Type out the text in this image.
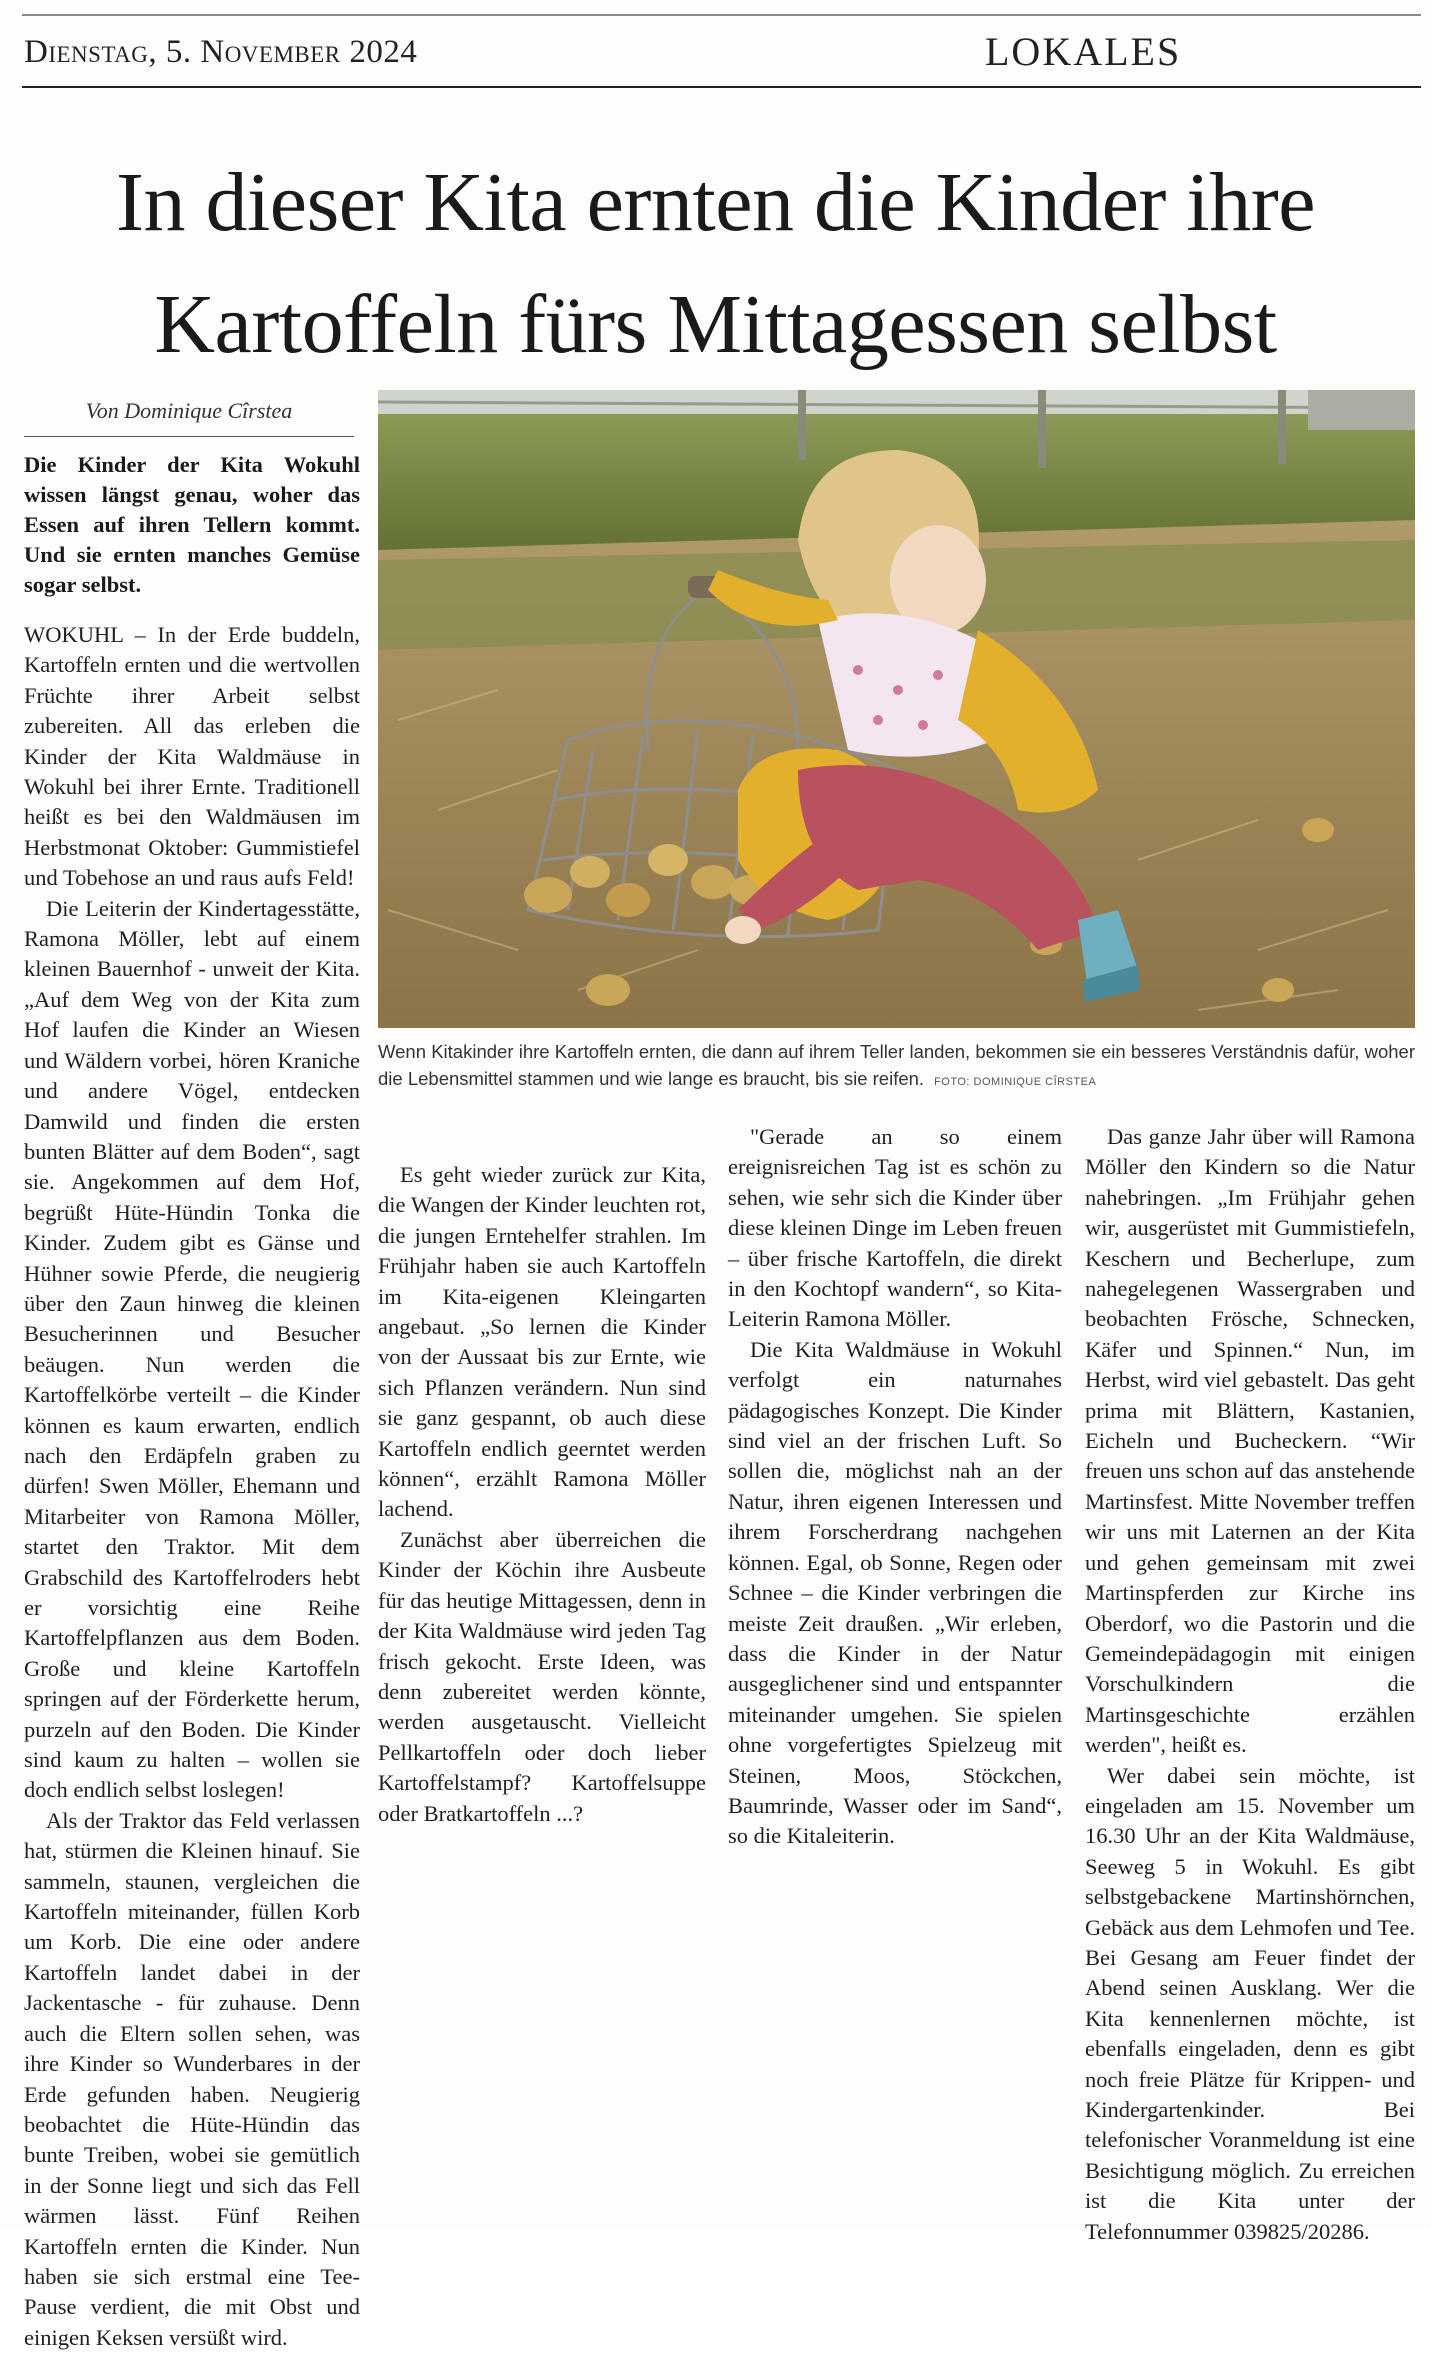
Dienstag, 5. November 2024	LOKALES
In dieser Kita ernten die Kinder ihre
Kartoffeln fürs Mittagessen selbst
Von Dominique Cîrstea
Die Kinder der Kita Wokuhl wissen längst genau, woher das Essen auf ihren Tellern kommt. Und sie ernten manches Gemüse sogar selbst.
Wenn Kitakinder ihre Kartoffeln ernten, die dann auf ihrem Teller landen, bekommen sie ein besseres Verständnis dafür, woher die Lebensmittel stammen und wie lange es braucht, bis sie reifen. FOTO: DOMINIQUE CÎRSTEA

WOKUHL – In der Erde buddeln, Kartoffeln ernten und die wertvollen Früchte ihrer Arbeit selbst zubereiten. All das erleben die Kinder der Kita Waldmäuse in Wokuhl bei ihrer Ernte. Traditionell heißt es bei den Waldmäusen im Herbstmonat Oktober: Gummistiefel und Tobehose an und raus aufs Feld!

Die Leiterin der Kindertagesstätte, Ramona Möller, lebt auf einem kleinen Bauernhof - unweit der Kita. „Auf dem Weg von der Kita zum Hof laufen die Kinder an Wiesen und Wäldern vorbei, hören Kraniche und andere Vögel, entdecken Damwild und finden die ersten bunten Blätter auf dem Boden“, sagt sie. Angekommen auf dem Hof, begrüßt Hüte-Hündin Tonka die Kinder. Zudem gibt es Gänse und Hühner sowie Pferde, die neugierig über den Zaun hinweg die kleinen Besucherinnen und Besucher beäugen. Nun werden die Kartoffelkörbe verteilt – die Kinder können es kaum erwarten, endlich nach den Erdäpfeln graben zu dürfen! Swen Möller, Ehemann und Mitarbeiter von Ramona Möller, startet den Traktor. Mit dem Grabschild des Kartoffelroders hebt er vorsichtig eine Reihe Kartoffelpflanzen aus dem Boden. Große und kleine Kartoffeln springen auf der Förderkette herum, purzeln auf den Boden. Die Kinder sind kaum zu halten – wollen sie doch endlich selbst loslegen!

Als der Traktor das Feld verlassen hat, stürmen die Kleinen hinauf. Sie sammeln, staunen, vergleichen die Kartoffeln miteinander, füllen Korb um Korb. Die eine oder andere Kartoffeln landet dabei in der Jackentasche - für zuhause. Denn auch die Eltern sollen sehen, was ihre Kinder so Wunderbares in der Erde gefunden haben. Neugierig beobachtet die Hüte-Hündin das bunte Treiben, wobei sie gemütlich in der Sonne liegt und sich das Fell wärmen lässt. Fünf Reihen Kartoffeln ernten die Kinder. Nun haben sie sich erstmal eine Tee-Pause verdient, die mit Obst und einigen Keksen versüßt wird.

Es geht wieder zurück zur Kita, die Wangen der Kinder leuchten rot, die jungen Erntehelfer strahlen. Im Frühjahr haben sie auch Kartoffeln im Kita-eigenen Kleingarten angebaut. „So lernen die Kinder von der Aussaat bis zur Ernte, wie sich Pflanzen verändern. Nun sind sie ganz gespannt, ob auch diese Kartoffeln endlich geerntet werden können“, erzählt Ramona Möller lachend.

Zunächst aber überreichen die Kinder der Köchin ihre Ausbeute für das heutige Mittagessen, denn in der Kita Waldmäuse wird jeden Tag frisch gekocht. Erste Ideen, was denn zubereitet werden könnte, werden ausgetauscht. Vielleicht Pellkartoffeln oder doch lieber Kartoffelstampf? Kartoffelsuppe oder Bratkartoffeln ...?

"Gerade an so einem ereignisreichen Tag ist es schön zu sehen, wie sehr sich die Kinder über diese kleinen Dinge im Leben freuen – über frische Kartoffeln, die direkt in den Kochtopf wandern“, so Kita-Leiterin Ramona Möller.

Die Kita Waldmäuse in Wokuhl verfolgt ein naturnahes pädagogisches Konzept. Die Kinder sind viel an der frischen Luft. So sollen die, möglichst nah an der Natur, ihren eigenen Interessen und ihrem Forscherdrang nachgehen können. Egal, ob Sonne, Regen oder Schnee – die Kinder verbringen die meiste Zeit draußen. „Wir erleben, dass die Kinder in der Natur ausgeglichener sind und entspannter miteinander umgehen. Sie spielen ohne vorgefertigtes Spielzeug mit Steinen, Moos, Stöckchen, Baumrinde, Wasser oder im Sand“, so die Kitaleiterin.

Das ganze Jahr über will Ramona Möller den Kindern so die Natur nahebringen. „Im Frühjahr gehen wir, ausgerüstet mit Gummistiefeln, Keschern und Becherlupe, zum nahegelegenen Wassergraben und beobachten Frösche, Schnecken, Käfer und Spinnen.“ Nun, im Herbst, wird viel gebastelt. Das geht prima mit Blättern, Kastanien, Eicheln und Bucheckern. “Wir freuen uns schon auf das anstehende Martinsfest. Mitte November treffen wir uns mit Laternen an der Kita und gehen gemeinsam mit zwei Martinspferden zur Kirche ins Oberdorf, wo die Pastorin und die Gemeindepädagogin mit einigen Vorschulkindern die Martinsgeschichte erzählen werden", heißt es.

Wer dabei sein möchte, ist eingeladen am 15. November um 16.30 Uhr an der Kita Waldmäuse, Seeweg 5 in Wokuhl. Es gibt selbstgebackene Martinshörnchen, Gebäck aus dem Lehmofen und Tee. Bei Gesang am Feuer findet der Abend seinen Ausklang. Wer die Kita kennenlernen möchte, ist ebenfalls eingeladen, denn es gibt noch freie Plätze für Krippen- und Kindergartenkinder. Bei telefonischer Voranmeldung ist eine Besichtigung möglich. Zu erreichen ist die Kita unter der Telefonnummer 039825/20286.
